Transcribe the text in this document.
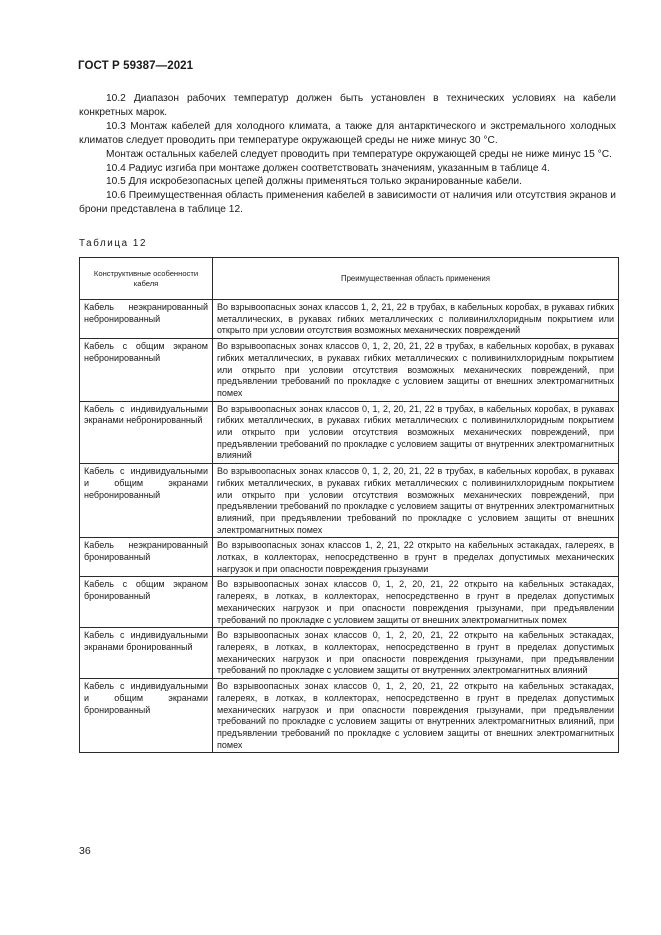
ГОСТ Р 59387—2021

10.2 Диапазон рабочих температур должен быть установлен в технических условиях на кабели конкретных марок.

10.3 Монтаж кабелей для холодного климата, а также для антарктического и экстремального холодных климатов следует проводить при температуре окружающей среды не ниже минус 30 °С.

Монтаж остальных кабелей следует проводить при температуре окружающей среды не ниже минус 15 °С.

10.4 Радиус изгиба при монтаже должен соответствовать значениям, указанным в таблице 4.

10.5 Для искробезопасных цепей должны применяться только экранированные кабели.

10.6 Преимущественная область применения кабелей в зависимости от наличия или отсутствия экранов и брони представлена в таблице 12.

Таблица 12
Конструктивные особенности кабеля	Преимущественная область применения
Кабель неэкранированный небронированный	Во взрывоопасных зонах классов 1, 2, 21, 22 в трубах, в кабельных коробах, в рукавах гибких металлических, в рукавах гибких металлических с поливинилхлоридным покрытием или открыто при условии отсутствия возможных механических повреждений
Кабель с общим экраном небронированный	Во взрывоопасных зонах классов 0, 1, 2, 20, 21, 22 в трубах, в кабельных коробах, в рукавах гибких металлических, в рукавах гибких металлических с поливинилхлоридным покрытием или открыто при условии отсутствия возможных механических повреждений, при предъявлении требований по прокладке с условием защиты от внешних электромагнитных помех
Кабель с индивидуальными экранами небронированный	Во взрывоопасных зонах классов 0, 1, 2, 20, 21, 22 в трубах, в кабельных коробах, в рукавах гибких металлических, в рукавах гибких металлических с поливинилхлоридным покрытием или открыто при условии отсутствия возможных механических повреждений, при предъявлении требований по прокладке с условием защиты от внутренних электромагнитных влияний
Кабель с индивидуальными и общим экранами небронированный	Во взрывоопасных зонах классов 0, 1, 2, 20, 21, 22 в трубах, в кабельных коробах, в рукавах гибких металлических, в рукавах гибких металлических с поливинилхлоридным покрытием или открыто при условии отсутствия возможных механических повреждений, при предъявлении требований по прокладке с условием защиты от внутренних электромагнитных влияний, при предъявлении требований по прокладке с условием защиты от внешних электромагнитных помех
Кабель неэкранированный бронированный	Во взрывоопасных зонах классов 1, 2, 21, 22 открыто на кабельных эстакадах, галереях, в лотках, в коллекторах, непосредственно в грунт в пределах допустимых механических нагрузок и при опасности повреждения грызунами
Кабель с общим экраном бронированный	Во взрывоопасных зонах классов 0, 1, 2, 20, 21, 22 открыто на кабельных эстакадах, галереях, в лотках, в коллекторах, непосредственно в грунт в пределах допустимых механических нагрузок и при опасности повреждения грызунами, при предъявлении требований по прокладке с условием защиты от внешних электромагнитных помех
Кабель с индивидуальными экранами бронированный	Во взрывоопасных зонах классов 0, 1, 2, 20, 21, 22 открыто на кабельных эстакадах, галереях, в лотках, в коллекторах, непосредственно в грунт в пределах допустимых механических нагрузок и при опасности повреждения грызунами, при предъявлении требований по прокладке с условием защиты от внутренних электромагнитных влияний
Кабель с индивидуальными и общим экранами бронированный	Во взрывоопасных зонах классов 0, 1, 2, 20, 21, 22 открыто на кабельных эстакадах, галереях, в лотках, в коллекторах, непосредственно в грунт в пределах допустимых механических нагрузок и при опасности повреждения грызунами, при предъявлении требований по прокладке с условием защиты от внутренних электромагнитных влияний, при предъявлении требований по прокладке с условием защиты от внешних электромагнитных помех
36
